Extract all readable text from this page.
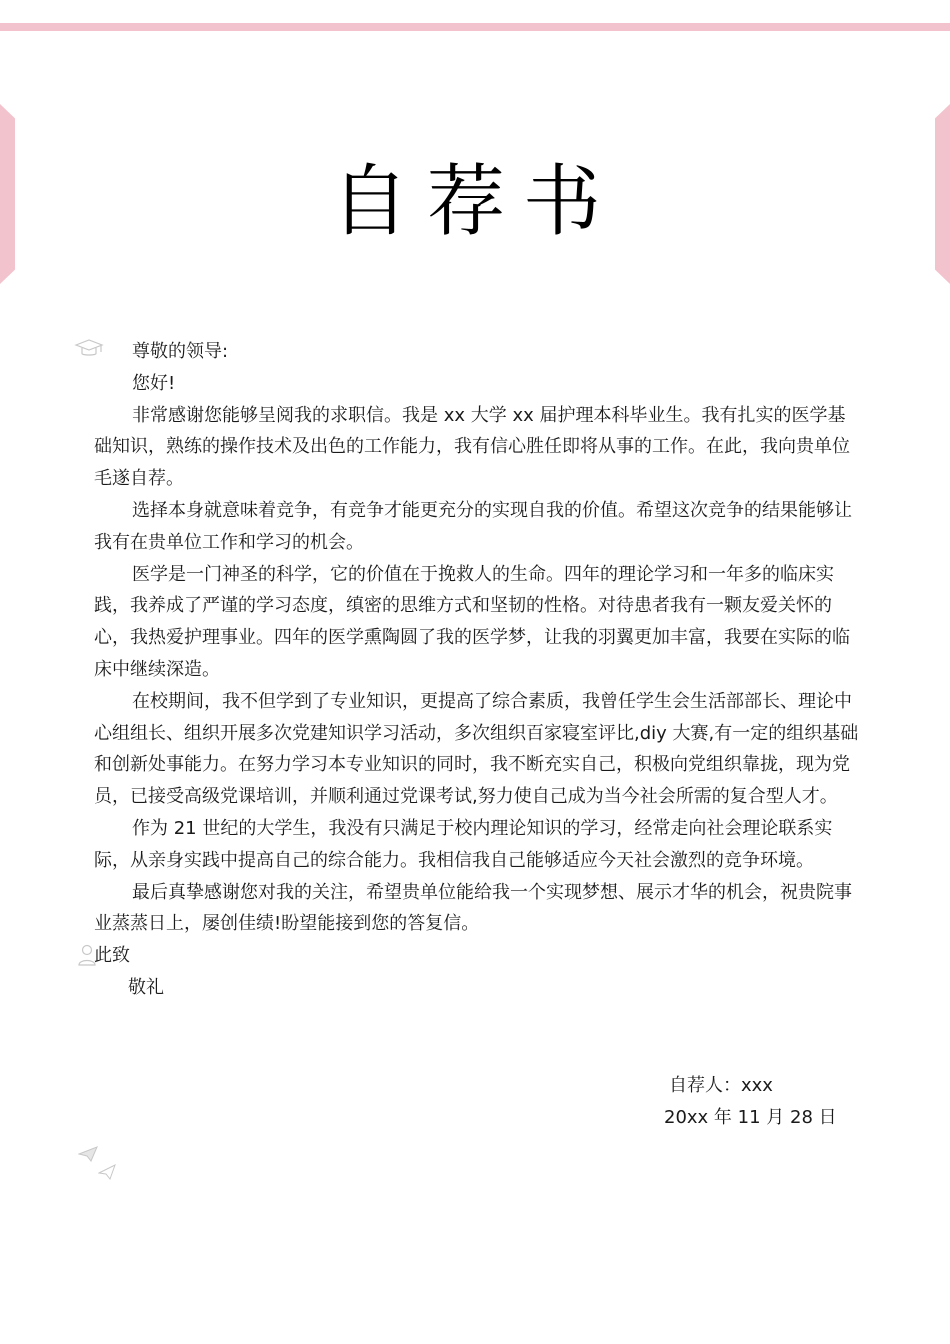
自荐书

尊敬的领导:

您好!

非常感谢您能够呈阅我的求职信。我是 xx 大学 xx 届护理本科毕业生。我有扎实的医学基础知识，熟练的操作技术及出色的工作能力，我有信心胜任即将从事的工作。在此，我向贵单位毛遂自荐。

选择本身就意味着竞争，有竞争才能更充分的实现自我的价值。希望这次竞争的结果能够让我有在贵单位工作和学习的机会。

医学是一门神圣的科学，它的价值在于挽救人的生命。四年的理论学习和一年多的临床实践，我养成了严谨的学习态度，缜密的思维方式和坚韧的性格。对待患者我有一颗友爱关怀的心，我热爱护理事业。四年的医学熏陶圆了我的医学梦，让我的羽翼更加丰富，我要在实际的临床中继续深造。

在校期间，我不但学到了专业知识，更提高了综合素质，我曾任学生会生活部部长、理论中心组组长、组织开展多次党建知识学习活动，多次组织百家寝室评比,diy 大赛,有一定的组织基础和创新处事能力。在努力学习本专业知识的同时，我不断充实自己，积极向党组织靠拢，现为党员，已接受高级党课培训，并顺利通过党课考试,努力使自己成为当今社会所需的复合型人才。

作为 21 世纪的大学生，我没有只满足于校内理论知识的学习，经常走向社会理论联系实际，从亲身实践中提高自己的综合能力。我相信我自己能够适应今天社会激烈的竞争环境。

最后真挚感谢您对我的关注，希望贵单位能给我一个实现梦想、展示才华的机会，祝贵院事业蒸蒸日上，屡创佳绩!盼望能接到您的答复信。

此致

敬礼

自荐人：xxx
20xx 年 11 月 28 日
